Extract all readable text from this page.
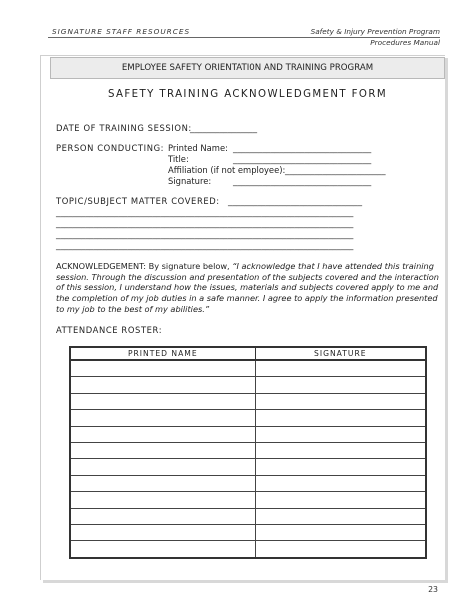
SIGNATURE STAFF RESOURCES	Safety & Injury Prevention Program
Procedures Manual
EMPLOYEE SAFETY ORIENTATI0N AND TRAINING PROGRAM
SAFETY TRAINING ACKNOWLEDGMENT FORM
DATE OF TRAINING SESSION:
________________
PERSON CONDUCTING: Printed Name: _________________________________
Title:	_________________________________
Affiliation (if not employee): ________________________
Signature:	_________________________________
TOPIC/SUBJECT MATTER COVERED: ________________________________
_______________________________________________________________________
_______________________________________________________________________
_______________________________________________________________________
_______________________________________________________________________
ACKNOWLEDGEMENT: By signature below, “I acknowledge that I have attended this training session. Through the discussion and presentation of the subjects covered and the interaction of this session, I understand how the issues, materials and subjects covered apply to me and the completion of my job duties in a safe manner. I agree to apply the information presented to my job to the best of my abilities.”
ATTENDANCE ROSTER:
PRINTED NAME	SIGNATURE

23
